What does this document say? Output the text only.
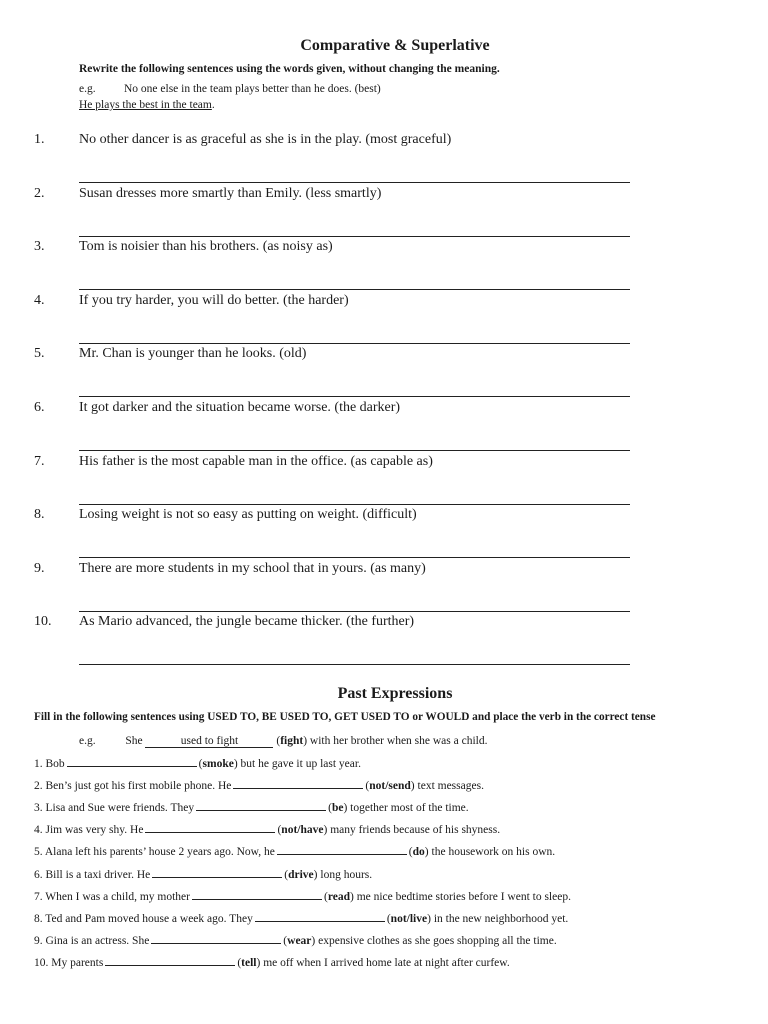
Comparative & Superlative
Rewrite the following sentences using the words given, without changing the meaning.
e.g. No one else in the team plays better than he does. (best)
He plays the best in the team.
1. No other dancer is as graceful as she is in the play. (most graceful)
2. Susan dresses more smartly than Emily. (less smartly)
3. Tom is noisier than his brothers. (as noisy as)
4. If you try harder, you will do better. (the harder)
5. Mr. Chan is younger than he looks. (old)
6. It got darker and the situation became worse. (the darker)
7. His father is the most capable man in the office. (as capable as)
8. Losing weight is not so easy as putting on weight. (difficult)
9. There are more students in my school that in yours. (as many)
10. As Mario advanced, the jungle became thicker. (the further)
Past Expressions
Fill in the following sentences using USED TO, BE USED TO, GET USED TO or WOULD and place the verb in the correct tense
e.g.	She	used to fight	(fight) with her brother when she was a child.
1. Bob	(smoke) but he gave it up last year.
2. Ben’s just got his first mobile phone. He	(not/send) text messages.
3. Lisa and Sue were friends. They	(be) together most of the time.
4. Jim was very shy. He	(not/have) many friends because of his shyness.
5. Alana left his parents’ house 2 years ago. Now, he	(do) the housework on his own.
6. Bill is a taxi driver. He	(drive) long hours.
7. When I was a child, my mother	(read) me nice bedtime stories before I went to sleep.
8. Ted and Pam moved house a week ago. They	(not/live) in the new neighborhood yet.
9. Gina is an actress. She	(wear) expensive clothes as she goes shopping all the time.
10. My parents	(tell) me off when I arrived home late at night after curfew.
